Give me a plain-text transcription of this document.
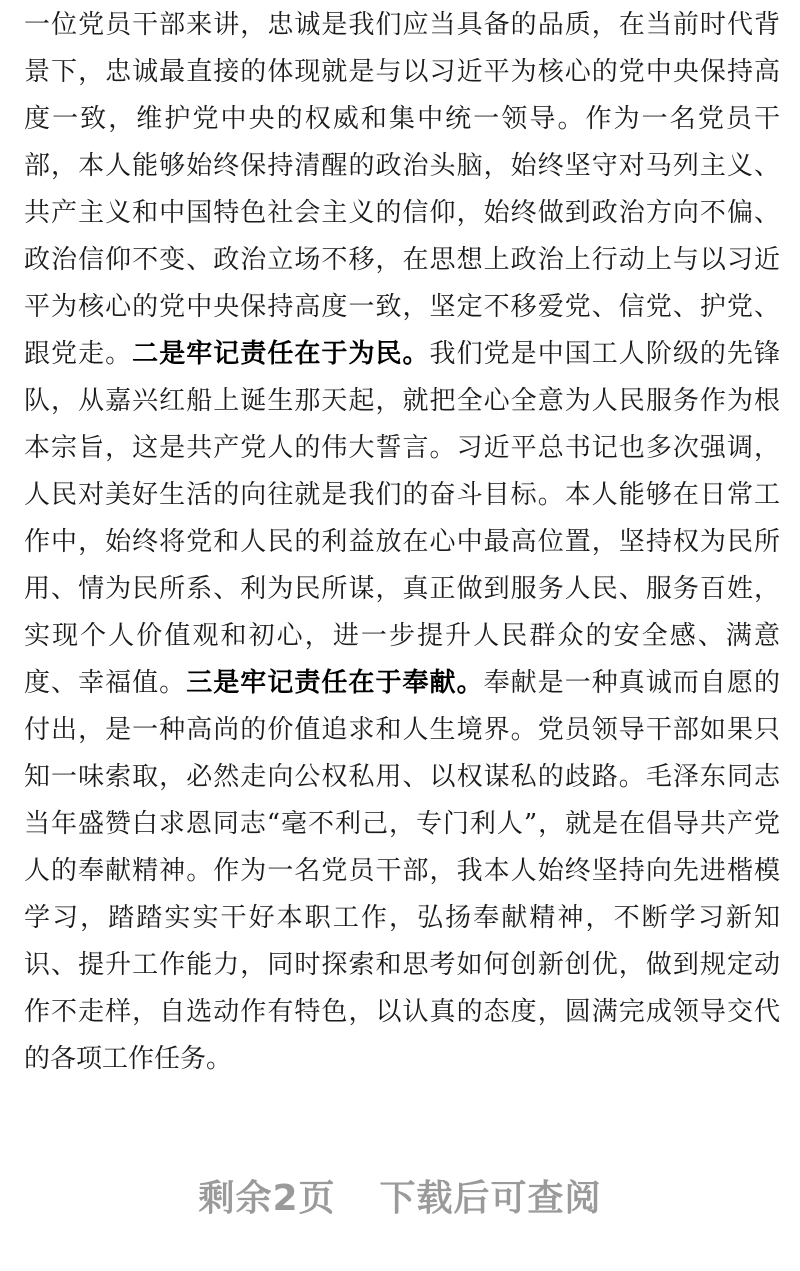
一位党员干部来讲，忠诚是我们应当具备的品质，在当前时代背
景下，忠诚最直接的体现就是与以习近平为核心的党中央保持高
度一致，维护党中央的权威和集中统一领导。作为一名党员干
部，本人能够始终保持清醒的政治头脑，始终坚守对马列主义、
共产主义和中国特色社会主义的信仰，始终做到政治方向不偏、
政治信仰不变、政治立场不移，在思想上政治上行动上与以习近
平为核心的党中央保持高度一致，坚定不移爱党、信党、护党、
跟党走。二是牢记责任在于为民。我们党是中国工人阶级的先锋
队，从嘉兴红船上诞生那天起，就把全心全意为人民服务作为根
本宗旨，这是共产党人的伟大誓言。习近平总书记也多次强调，
人民对美好生活的向往就是我们的奋斗目标。本人能够在日常工
作中，始终将党和人民的利益放在心中最高位置，坚持权为民所
用、情为民所系、利为民所谋，真正做到服务人民、服务百姓，
实现个人价值观和初心，进一步提升人民群众的安全感、满意
度、幸福值。三是牢记责任在于奉献。奉献是一种真诚而自愿的
付出，是一种高尚的价值追求和人生境界。党员领导干部如果只
知一味索取，必然走向公权私用、以权谋私的歧路。毛泽东同志
当年盛赞白求恩同志“毫不利己，专门利人”，就是在倡导共产党
人的奉献精神。作为一名党员干部，我本人始终坚持向先进楷模
学习，踏踏实实干好本职工作，弘扬奉献精神，不断学习新知
识、提升工作能力，同时探索和思考如何创新创优，做到规定动
作不走样，自选动作有特色，以认真的态度，圆满完成领导交代
的各项工作任务。
剩余2页 下载后可查阅
